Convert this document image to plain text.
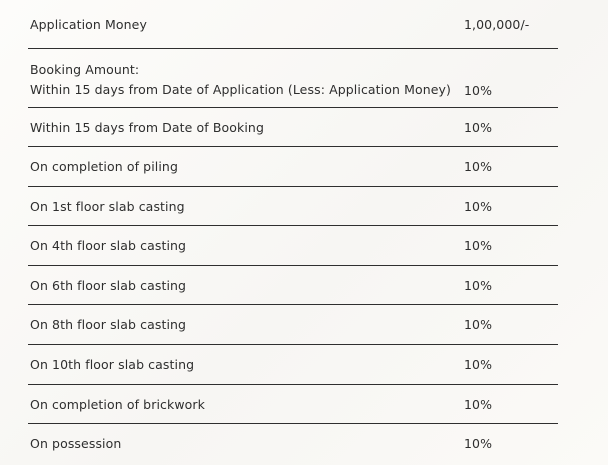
Application Money	1,00,000/-
Booking Amount:
Within 15 days from Date of Application (Less: Application Money)	10%
Within 15 days from Date of Booking	10%
On completion of piling	10%
On 1st floor slab casting	10%
On 4th floor slab casting	10%
On 6th floor slab casting	10%
On 8th floor slab casting	10%
On 10th floor slab casting	10%
On completion of brickwork	10%
On possession	10%
